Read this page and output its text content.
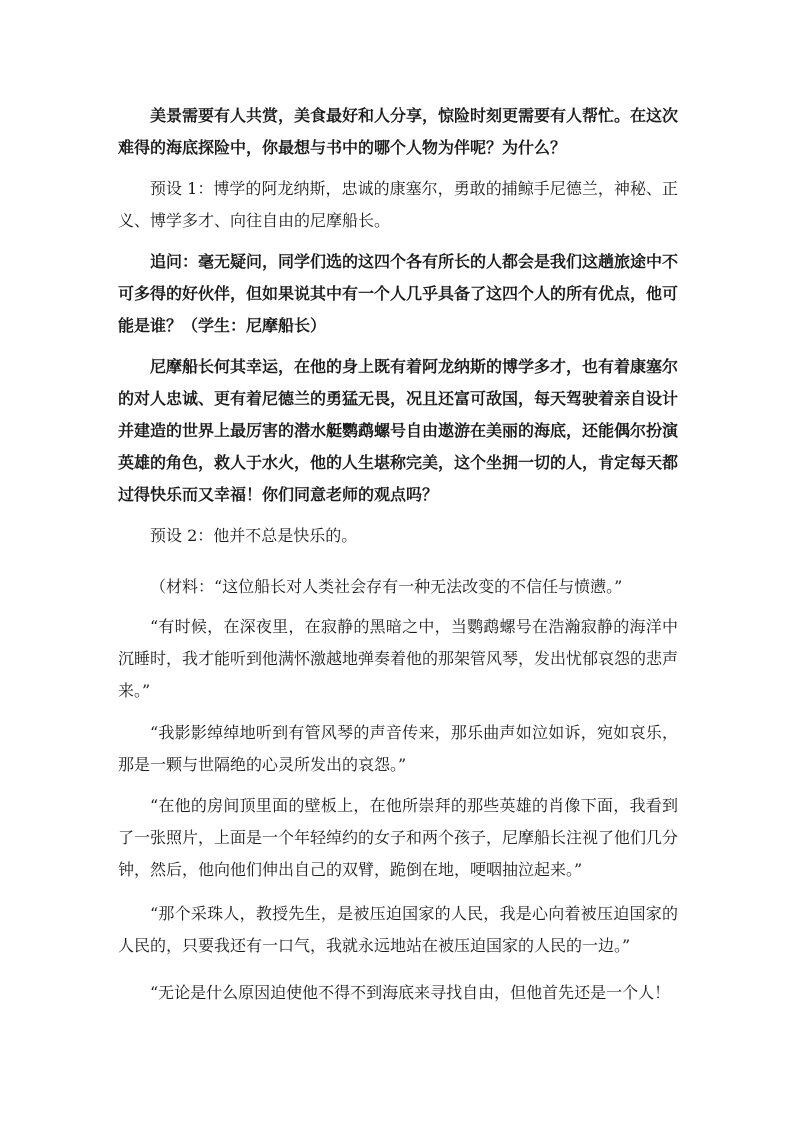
美景需要有人共赏，美食最好和人分享，惊险时刻更需要有人帮忙。在这次难得的海底探险中，你最想与书中的哪个人物为伴呢？为什么？

预设 1：博学的阿龙纳斯，忠诚的康塞尔，勇敢的捕鲸手尼德兰，神秘、正义、博学多才、向往自由的尼摩船长。

追问：毫无疑问，同学们选的这四个各有所长的人都会是我们这趟旅途中不可多得的好伙伴，但如果说其中有一个人几乎具备了这四个人的所有优点，他可能是谁？（学生：尼摩船长）

尼摩船长何其幸运，在他的身上既有着阿龙纳斯的博学多才，也有着康塞尔的对人忠诚、更有着尼德兰的勇猛无畏，况且还富可敌国，每天驾驶着亲自设计并建造的世界上最厉害的潜水艇鹦鹉螺号自由遨游在美丽的海底，还能偶尔扮演英雄的角色，救人于水火，他的人生堪称完美，这个坐拥一切的人，肯定每天都过得快乐而又幸福！你们同意老师的观点吗？

预设 2：他并不总是快乐的。

（材料：“这位船长对人类社会存有一种无法改变的不信任与愤懑。”

“有时候，在深夜里，在寂静的黑暗之中，当鹦鹉螺号在浩瀚寂静的海洋中沉睡时，我才能听到他满怀激越地弹奏着他的那架管风琴，发出忧郁哀怨的悲声来。”

“我影影绰绰地听到有管风琴的声音传来，那乐曲声如泣如诉，宛如哀乐，那是一颗与世隔绝的心灵所发出的哀怨。”

“在他的房间顶里面的壁板上，在他所崇拜的那些英雄的肖像下面，我看到了一张照片，上面是一个年轻绰约的女子和两个孩子，尼摩船长注视了他们几分钟，然后，他向他们伸出自己的双臂，跪倒在地，哽咽抽泣起来。”

“那个采珠人，教授先生，是被压迫国家的人民，我是心向着被压迫国家的人民的，只要我还有一口气，我就永远地站在被压迫国家的人民的一边。”

“无论是什么原因迫使他不得不到海底来寻找自由，但他首先还是一个人！
